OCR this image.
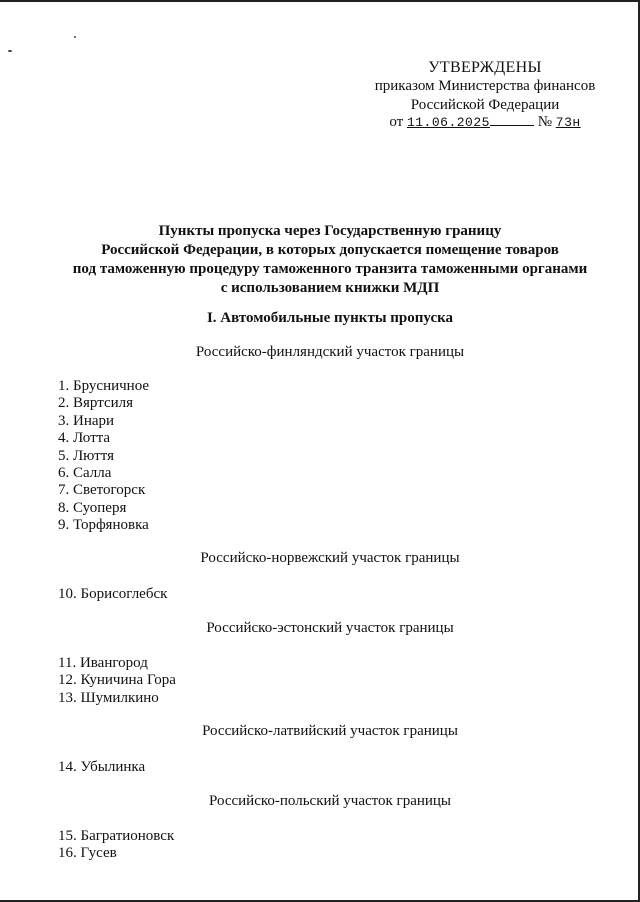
УТВЕРЖДЕНЫ
приказом Министерства финансов
Российской Федерации
от 11.06.2025	№ 73н
Пункты пропуска через Государственную границу
Российской Федерации, в которых допускается помещение товаров
под таможенную процедуру таможенного транзита таможенными органами
с использованием книжки МДП
I. Автомобильные пункты пропуска
Российско-финляндский участок границы
1. Брусничное
2. Вяртсиля
3. Инари
4. Лотта
5. Люття
6. Салла
7. Светогорск
8. Суоперя
9. Торфяновка
Российско-норвежский участок границы
10. Борисоглебск
Российско-эстонский участок границы
11. Ивангород
12. Куничина Гора
13. Шумилкино
Российско-латвийский участок границы
14. Убылинка
Российско-польский участок границы
15. Багратионовск
16. Гусев
